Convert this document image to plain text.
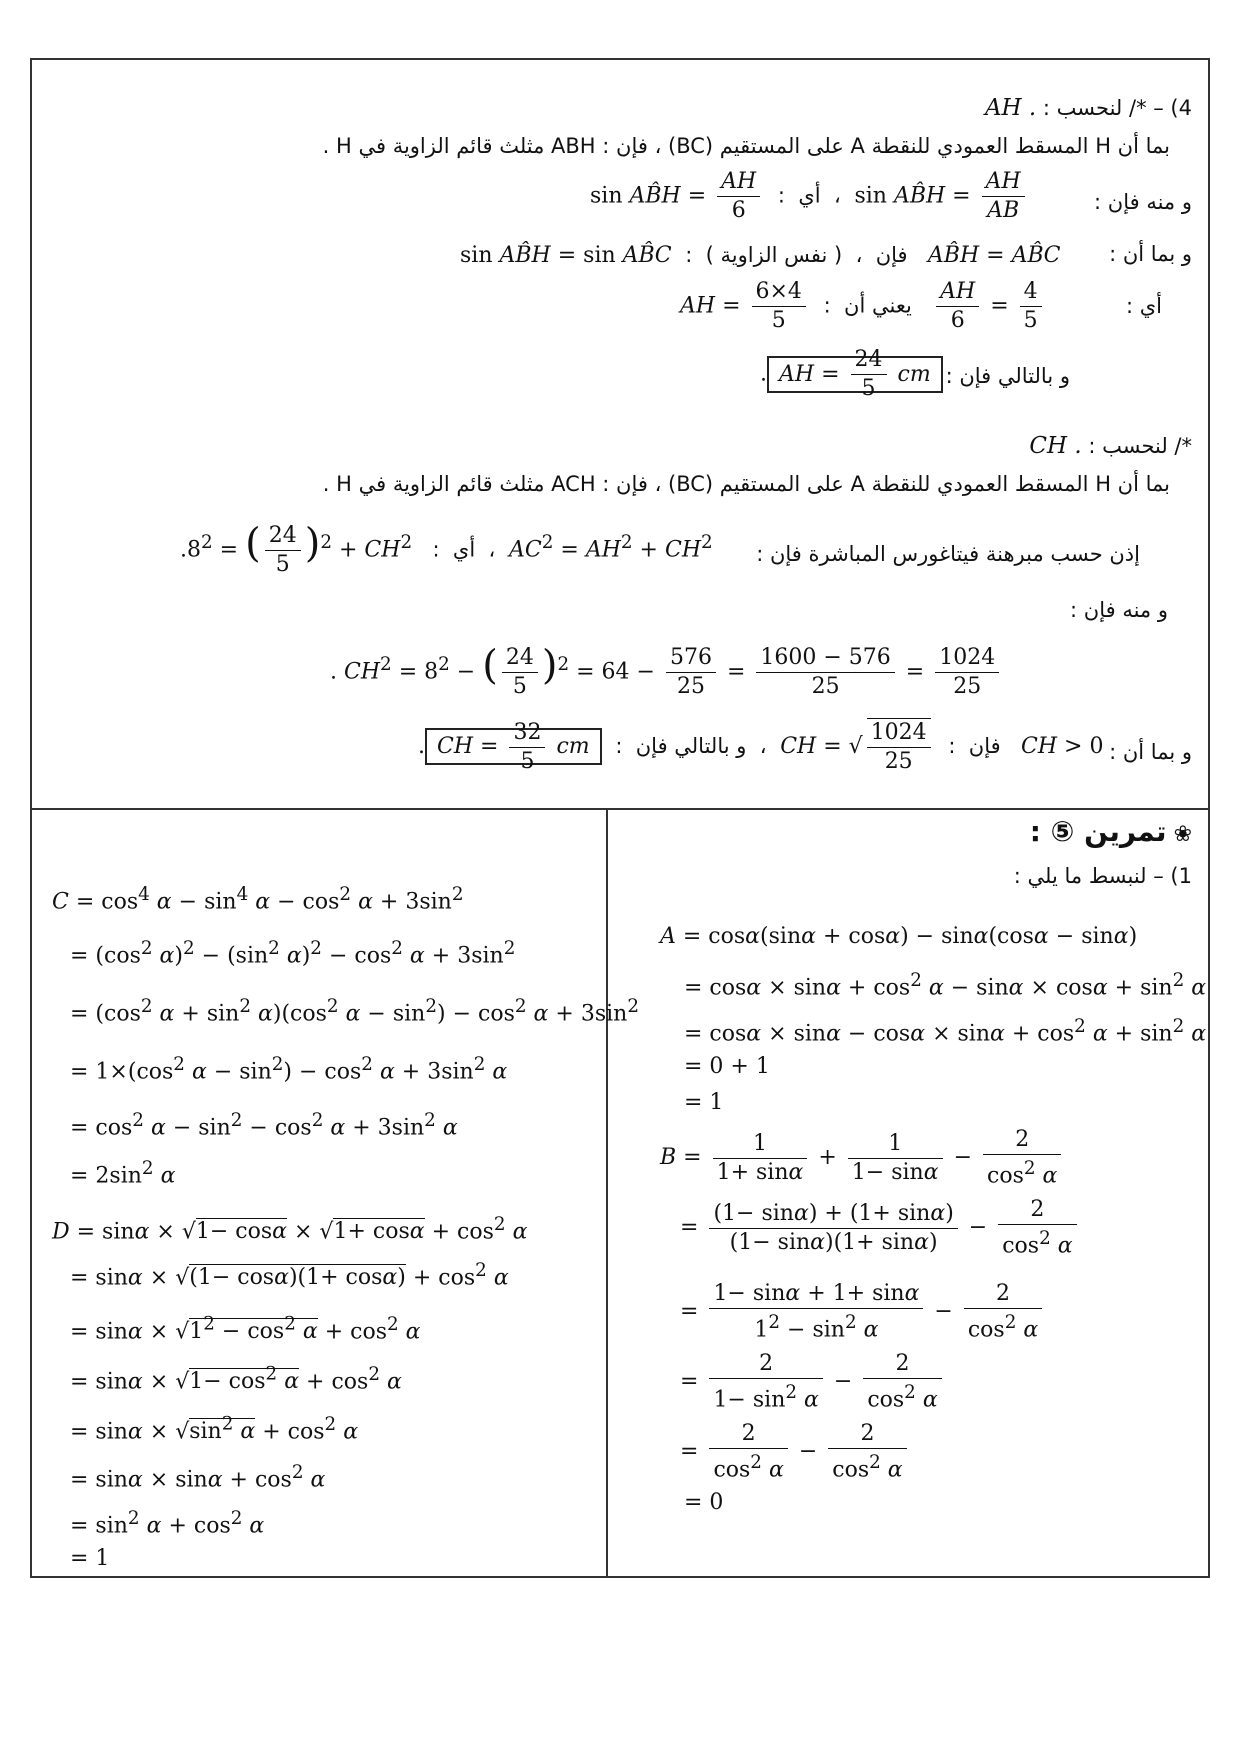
4) – */ لنحسب : AH .
بما أن H المسقط العمودي للنقطة A على المستقيم (BC) ، فإن : ABH مثلث قائم الزاوية في H .
sin AB̂H = $\frac{AH}{6}$ :  أي  ،  sin AB̂H = $\frac{AH}{AB}$	و منه فإن :
sin AB̂H = sin AB̂C  :  فإن  ،  ( نفس الزاوية )   AB̂H = AB̂C و بما أن :
AH = $\frac{6\times 4}{5}$ :  يعني أن $\frac{AH}{6} = \frac{4}{5}$	أي :
. AH = $\frac{24}{5}$ cm و بالتالي فإن :
*/ لنحسب : CH .
بما أن H المسقط العمودي للنقطة A على المستقيم (BC) ، فإن : ACH مثلث قائم الزاوية في H .
$.8^2$ = ( $\frac{24}{5} )^2 + CH^2$   :  أي  ،  $AC^2 = AH^2 + CH^2$ إذن حسب مبرهنة فيتاغورس المباشرة فإن :
و منه فإن :
. $CH^2 = 8^2$ − ( $\frac{24}{5} )^2 = 64 - \frac{576}{25} = \frac{1600 - 576}{25} = \frac{1024}{25}$
. CH = $\frac{32}{5}$ cm  :  و بالتالي فإن  ،  CH = √ $\frac{1024}{25}$ :  فإن   CH > 0 و بما أن :
❀ تمرين ⑤ :
1) – لنبسط ما يلي :
A = cosα(sinα + cosα) − sinα(cosα − sinα)
= $\cos\alpha \times \sin\alpha + \cos^2 \alpha - \sin\alpha \times \cos\alpha + \sin^2 \alpha$
= $\cos\alpha \times \sin\alpha - \cos\alpha \times \sin\alpha + \cos^2 \alpha + \sin^2 \alpha$
= 0 + 1
= 1
$B = \frac{1}{1+ \sin\alpha} + \frac{1}{1- \sin\alpha} - \frac{2}{\cos^2 \alpha}$
= $\frac{(1- \sin\alpha) + (1+ \sin\alpha)}{(1- \sin\alpha)(1+ \sin\alpha)} - \frac{2}{\cos^2 \alpha}$
= $\frac{1- \sin\alpha + 1+ \sin\alpha}{1^2 - \sin^2 \alpha} - \frac{2}{\cos^2 \alpha}$
= $\frac{2}{1- \sin^2 \alpha} - \frac{2}{\cos^2 \alpha}$
= $\frac{2}{\cos^2 \alpha} - \frac{2}{\cos^2 \alpha}$
= 0
$C = \cos^4 \alpha - \sin^4 \alpha - \cos^2 \alpha + 3\sin^2$
= ($\cos^2$ $\alpha)^2 - (\sin^2$ $\alpha)^2 - \cos^2 \alpha + 3\sin^2$
= ($\cos^2$ $\alpha + \sin^2 \alpha)(\cos^2$ $\alpha - \sin^2) - \cos^2 \alpha + 3\sin^2$
= $1\times(\cos^2$ $\alpha - \sin^2) - \cos^2 \alpha + 3\sin^2$ α
= $\cos^2 \alpha - \sin^2 - \cos^2 \alpha + 3\sin^2$ α
= $2\sin^2$ α
$D = \sin\alpha \times √1- \cos\alpha \times √1+ \cos\alpha + \cos^2 \alpha$
= $\sin\alpha \times √(1- \cos\alpha)(1+ \cos\alpha) + \cos^2 \alpha$
= $\sin\alpha \times √1^2 - \cos^2 \alpha + \cos^2 \alpha$
= $\sin\alpha \times √1- \cos^2 \alpha + \cos^2 \alpha$
= $\sin\alpha \times √\sin^2$ $\alpha + \cos^2 \alpha$
= $\sin\alpha \times \sin\alpha + \cos^2 \alpha$
= $\sin^2 \alpha + \cos^2 \alpha$
= 1
